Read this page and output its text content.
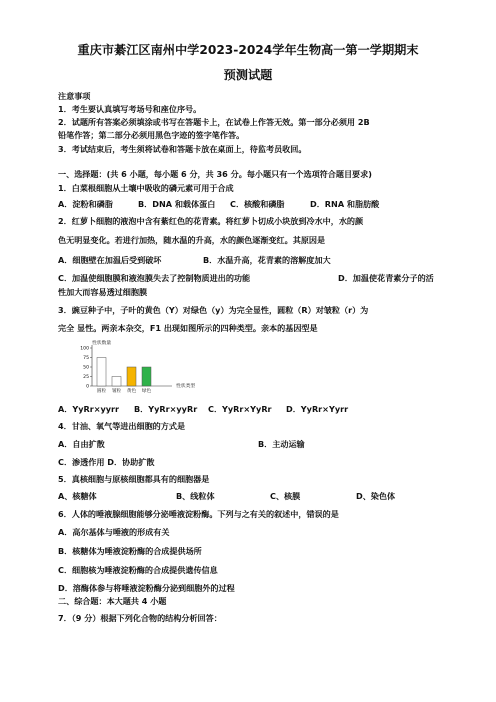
重庆市綦江区南州中学2023-2024学年生物高一第一学期期末
预测试题
注意事项
1．考生要认真填写考场号和座位序号。
2．试题所有答案必须填涂或书写在答题卡上，在试卷上作答无效。第一部分必须用 2B
铅笔作答；第二部分必须用黑色字迹的签字笔作答。
3．考试结束后，考生须将试卷和答题卡放在桌面上，待监考员收回。
一、选择题：(共 6 小题，每小题 6 分，共 36 分。每小题只有一个选项符合题目要求)
1．白菜根细胞从土壤中吸收的磷元素可用于合成
A．淀粉和磷脂	B．DNA 和载体蛋白 C．核酸和磷脂	D．RNA 和脂肪酸
2．红萝卜细胞的液泡中含有紫红色的花青素。将红萝卜切成小块放到冷水中，水的颜
色无明显变化。若进行加热，随水温的升高，水的颜色逐渐变红。其原因是
A．细胞壁在加温后受到破坏	B．水温升高，花青素的溶解度加大
C．加温使细胞膜和液泡膜失去了控制物质进出的功能	D．加温使花青素分子的活
性加大而容易透过细胞膜
3．豌豆种子中，子叶的黄色（Y）对绿色（y）为完全显性，圆粒（R）对皱粒（r）为
完全 显性。两亲本杂交，F1 出现如图所示的四种类型。亲本的基因型是
性状数量
性状类型
100
75
50
25
0
圆粒 皱粒 黄色 绿色
A．YyRr×yyrr B．YyRr×yyRr C．YyRr×YyRr D．YyRr×Yyrr
4．甘油、氧气等进出细胞的方式是
A．自由扩散	B．主动运输
C．渗透作用 D．协助扩散
5．真核细胞与原核细胞都具有的细胞器是
A、核糖体	B、线粒体	C、核膜	D、染色体
6．人体的唾液腺细胞能够分泌唾液淀粉酶。下列与之有关的叙述中，错误的是
A．高尔基体与唾液的形成有关
B．核糖体为唾液淀粉酶的合成提供场所
C．细胞核为唾液淀粉酶的合成提供遗传信息
D．溶酶体参与将唾液淀粉酶分泌到细胞外的过程
二、综合题：本大题共 4 小题
7．（9 分）根据下列化合物的结构分析回答：
